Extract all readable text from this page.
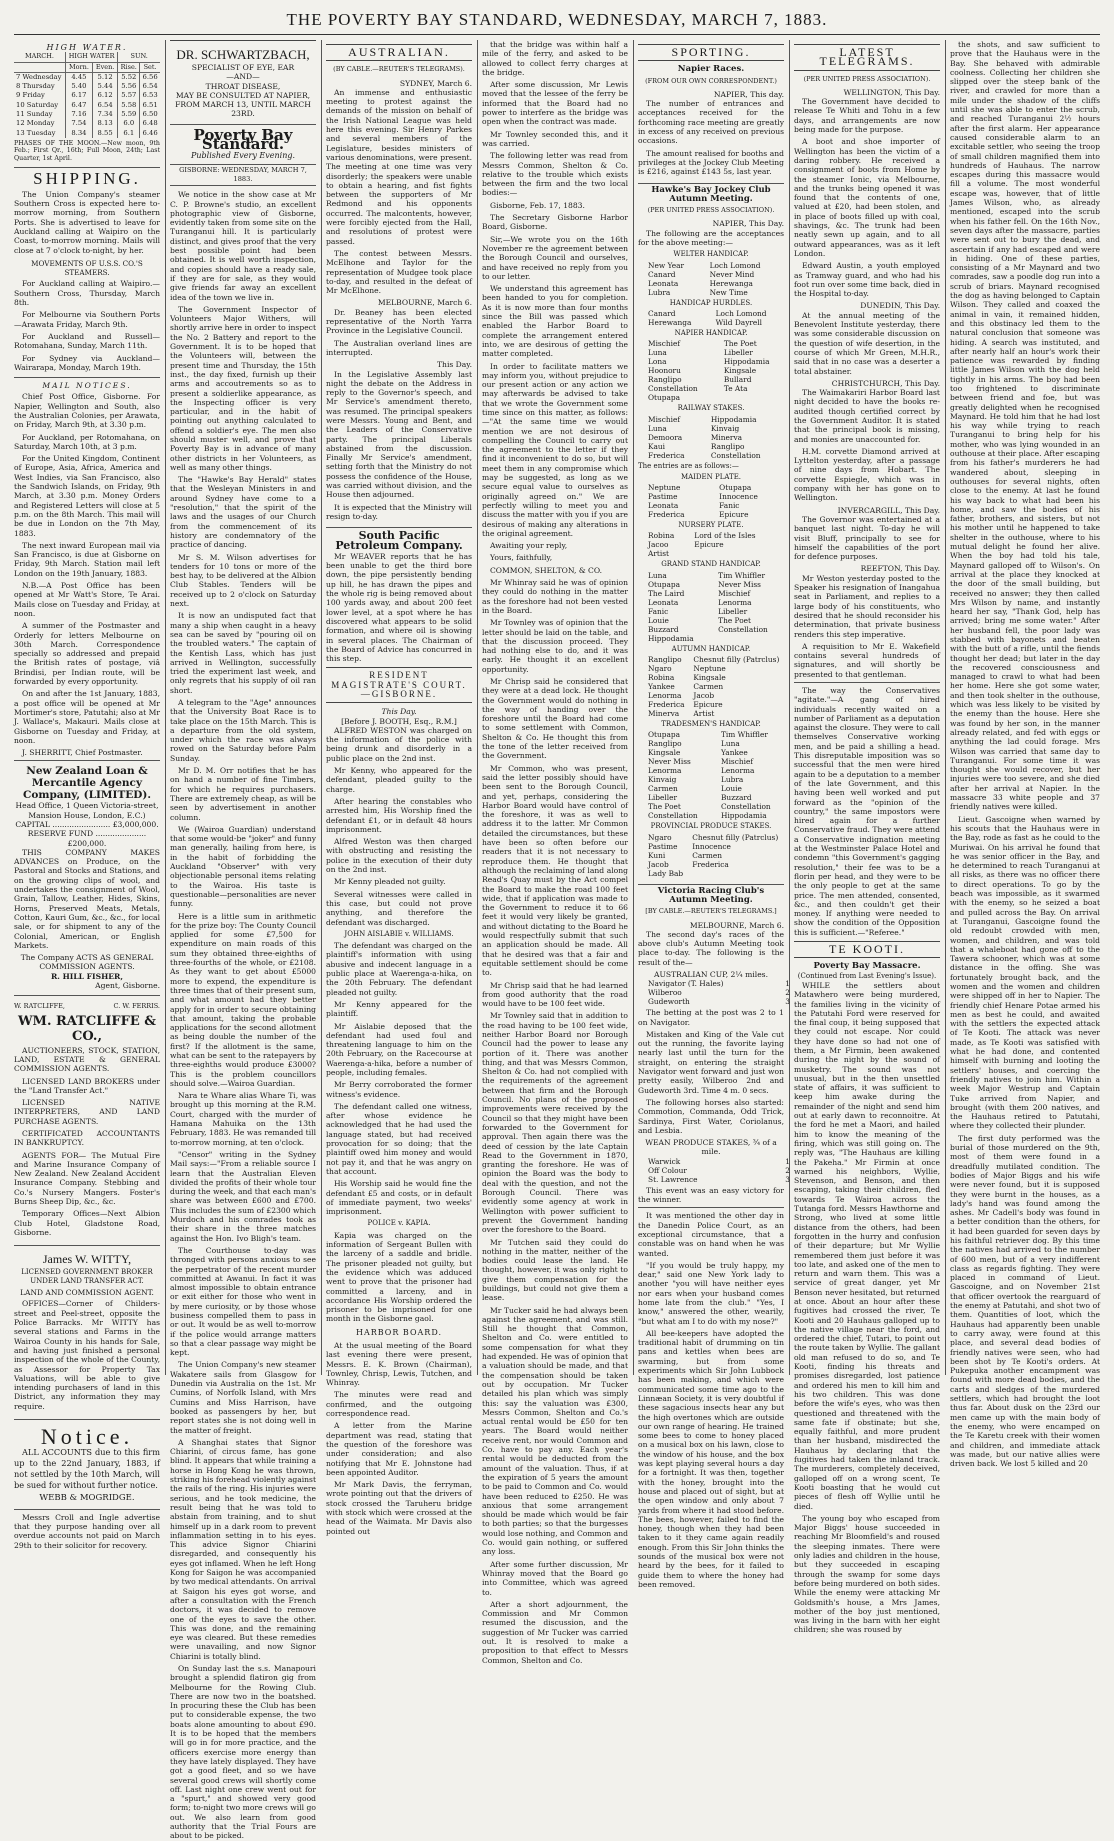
THE POVERTY BAY STANDARD, WEDNESDAY, MARCH 7, 1883.
HIGH WATER.
MARCH.	HIGH WATER		SUN.	
	Morn.	Even.	Rise.	Set.
7 Wednesday	4.45	5.12	5.52	6.56
8 Thursday	5.40	5.44	5.56	6.54
9 Friday	6.17	6.12	5.57	6.53
10 Saturday	6.47	6.54	5.58	6.51
11 Sunday	7.16	7.34	5.59	6.50
12 Monday	7.54	8.13	6.0	6.48
13 Tuesday	8.34	8.55	6.1	6.46
PHASES OF THE MOON.—New moon, 9th Feb.; First Qr., 16th; Full Moon, 24th; Last Quarter, 1st April.
SHIPPING.

The Union Company's steamer Southern Cross is expected here to-morrow morning, from Southern Ports. She is advertised to leave for Auckland calling at Waipiro on the Coast, to-morrow morning. Mails will close at 7 o'clock to-night, by her.

MOVEMENTS OF U.S.S. CO.'S STEAMERS.

For Auckland calling at Waipiro.—Southern Cross, Thursday, March 8th.

For Melbourne via Southern Ports—Arawata Friday, March 9th.

For Auckland and Russell—Rotomahana, Sunday, March 11th.

For Sydney via Auckland—Wairarapa, Monday, March 19th.

MAIL NOTICES.

Chief Post Office, Gisborne. For Napier, Wellington and South, also the Australian Colonies, per Arawata, on Friday, March 9th, at 3.30 p.m.

For Auckland, per Rotomahana, on Saturday, March 10th, at 3 p.m.

For the United Kingdom, Continent of Europe, Asia, Africa, America and West Indies, via San Francisco, also the Sandwich Islands, on Friday, 9th March, at 3.30 p.m. Money Orders and Registered Letters will close at 5 p.m. on the 8th March. This mail will be due in London on the 7th May, 1883.

The next inward European mail via San Francisco, is due at Gisborne on Friday, 9th March. Station mail left London on the 19th January, 1883.

N.B.—A Post Office has been opened at Mr Watt's Store, Te Arai. Mails close on Tuesday and Friday, at noon.

A summer of the Postmaster and Orderly for letters Melbourne on 30th March. Correspondence specially so addressed and prepaid the British rates of postage, viâ Brindisi, per Indian route, will be forwarded by every opportunity.

On and after the 1st January, 1883, a post office will be opened at Mr Mortimer's store, Patutahi; also at Mr J. Wallace's, Makauri. Mails close at Gisborne on Tuesday and Friday, at noon.

J. SHERRITT, Chief Postmaster.

New Zealand Loan & Mercantile Agency Company, (LIMITED).
Head Office, 1 Queen Victoria-street, Mansion House, London, E.C.)
CAPITAL ........................ £3,000,000.
RESERVE FUND ..................... £200,000.

THIS COMPANY MAKES ADVANCES on Produce, on the Pastoral and Stocks and Stations, and on the growing clips of wool, and undertakes the consignment of Wool, Grain, Tallow, Leather, Hides, Skins, Horns, Preserved Meats, Metals, Cotton, Kauri Gum, &c., &c., for local sale, or for shipment to any of the Colonial, American, or English Markets.

The Company ACTS AS GENERAL COMMISSION AGENTS.
R. HILL FISHER,
Agent, Gisborne.
W. RATCLIFFE,	C. W. FERRIS.
WM. RATCLIFFE & CO.,

AUCTIONEERS, STOCK, STATION, LAND, ESTATE & GENERAL COMMISSION AGENTS.

LICENSED LAND BROKERS under the "Land Transfer Act."

LICENSED NATIVE INTERPRETERS, AND LAND PURCHASE AGENTS.

CERTIFICATED ACCOUNTANTS IN BANKRUPTCY.

AGENTS FOR— The Mutual Fire and Marine Insurance Company of New Zealand. New Zealand Accident Insurance Company. Stebbing and Co.'s Nursery Mangers. Foster's Burns Sheep Dip, &c., &c.

Temporary Offices—Next Albion Club Hotel, Gladstone Road, Gisborne.

James W. WITTY,
LICENSED GOVERNMENT BROKER UNDER LAND TRANSFER ACT.
LAND AND COMMISSION AGENT.

OFFICES—Corner of Childers-street and Peel-street, opposite the Police Barracks. Mr WITTY has several stations and Farms in the Wairoa County in his hands for Sale, and having just finished a personal inspection of the whole of the County, as Assessor for Property Tax Valuations, will be able to give intending purchasers of land in this District, any information they may require.

Notice.

ALL ACCOUNTS due to this firm up to the 22nd January, 1883, if not settled by the 10th March, will be sued for without further notice.

WEBB & MOGRIDGE.

Messrs Croll and Ingle advertise that they purpose handing over all overdue accounts not paid on March 29th to their solicitor for recovery.

DR. SCHWARTZBACH,
SPECIALIST OF EYE, EAR
—AND—
THROAT DISEASE,
MAY BE CONSULTED AT NAPIER,
FROM MARCH 13, UNTIL MARCH 23RD.
Poverty Bay Standard.
Published Every Evening.
GISBORNE: WEDNESDAY, MARCH 7, 1883.

We notice in the show case at Mr C. P. Browne's studio, an excellent photographic view of Gisborne, evidently taken from some site on the Turanganui hill. It is particularly distinct, and gives proof that the very best possible point had been obtained. It is well worth inspection, and copies should have a ready sale, if they are for sale, as they would give friends far away an excellent idea of the town we live in.

The Government Inspector of Volunteers Major Withers, will shortly arrive here in order to inspect the No. 2 Battery and report to the Government. It is to be hoped that the Volunteers will, between the present time and Thursday, the 15th inst., the day fixed, furnish up their arms and accoutrements so as to present a soldierlike appearance, as the Inspecting officer is very particular, and in the habit of pointing out anything calculated to offend a soldier's eye. The men also should muster well, and prove that Poverty Bay is in advance of many other districts in her Volunteers, as well as many other things.

The "Hawke's Bay Herald" states that the Wesleyan Ministers in and around Sydney have come to a "resolution," that the spirit of the laws and the usages of our Church from the commencement of its history are condemnatory of the practice of dancing.

Mr S. M. Wilson advertises for tenders for 10 tons or more of the best hay, to be delivered at the Albion Club Stables. Tenders will be received up to 2 o'clock on Saturday next.

It is now an undisputed fact that many a ship when caught in a heavy sea can be saved by "pouring oil on the troubled waters." The captain of the Kentish Lass, which has just arrived in Wellington, successfully tried the experiment last week, and only regrets that his supply of oil ran short.

A telegram to the "Age" announces that the University Boat Race is to take place on the 15th March. This is a departure from the old system, under which the race was always rowed on the Saturday before Palm Sunday.

Mr D. M. Orr notifies that he has on hand a number of fine Timbers, for which he requires purchasers. There are extremely cheap, as will be seen by advertisement in another column.

We (Wairoa Guardian) understand that some would-be "joker" and funny man generally, hailing from here, is in the habit of forbidding the Auckland "Observer" with very objectionable personal items relating to the Wairoa. His taste is questionable—personalities are never funny.

Here is a little sum in arithmetic for the prize boy: The County Council applied for some £7,500 for expenditure on main roads of this sum they obtained three-eighths of three-fourths of the whole, or £2108. As they want to get about £5000 more to expend, the expenditure is three times that of their present sum, and what amount had they better apply for in order to secure obtaining that amount, taking the probable applications for the second allotment as being double the number of the first? If the allotment is the same, what can be sent to the ratepayers by three-eighths would produce £3000? This is the problem councillors should solve.—Wairoa Guardian.

Nara te Whare alias Whare Ti, was brought up this morning at the R.M. Court, charged with the murder of Hamana Mahuika on the 13th February, 1883. He was remanded till to-morrow morning, at ten o'clock.

"Censor" writing in the Sydney Mail says:—"From a reliable source I learn that the Australian Eleven divided the profits of their whole tour during the week, and that each man's share was between £600 and £700. This includes the sum of £2300 which Murdoch and his comrades took as their share in the three matches against the Hon. Ivo Bligh's team.

The Courthouse to-day was thronged with persons anxious to see the perpetrator of the recent murder committed at Awanui. In fact it was almost impossible to obtain entrance or exit either for those who went in by mere curiosity, or by those whose business compelled them to pass in or out. It would be as well to-morrow if the police would arrange matters so that a clear passage way might be kept.

The Union Company's new steamer Wakatere sails from Glasgow for Dunedin via Australia on the 1st. Mr Cumins, of Norfolk Island, with Mrs Cumins and Miss Harrison, have booked as passengers by her, but report states she is not doing well in the matter of freight.

A Shanghai states that Signor Chiarini, of circus fame, has gone blind. It appears that while training a horse in Hong Kong he was thrown, striking his forehead violently against the rails of the ring. His injuries were serious, and he took medicine, the result being that he was told to abstain from training, and to shut himself up in a dark room to prevent inflammation setting in to his eyes. This advice Signor Chiarini disregarded, and consequently his eyes got inflamed. When he left Hong Kong for Saigon he was accompanied by two medical attendants. On arrival at Saigon his eyes got worse, and after a consultation with the French doctors, it was decided to remove one of the eyes to save the other. This was done, and the remaining eye was cleared. But these remedies were unavailing, and now Signor Chiarini is totally blind.

On Sunday last the s.s. Manapouri brought a splendid flatiron gig from Melbourne for the Rowing Club. There are now two in the boatshed. In procuring these the Club has been put to considerable expense, the two boats alone amounting to about £90. It is to be hoped that the members will go in for more practice, and the officers exercise more energy than they have lately displayed. They have got a good fleet, and so we have several good crews will shortly come off. Last night one crew went out for a "spurt," and showed very good form; to-night two more crews will go out. We also learn from good authority that the Trial Fours are about to be picked.

AUSTRALIAN.
(BY CABLE.—REUTER'S TELEGRAMS).
SYDNEY, March 6.

An immense and enthusiastic meeting to protest against the demands of the mission on behalf of the Irish National League was held here this evening. Sir Henry Parkes and several members of the Legislature, besides ministers of various denominations, were present. The meeting at one time was very disorderly; the speakers were unable to obtain a hearing, and fist fights between the supporters of Mr Redmond and his opponents occurred. The malcontents, however, were forcibly ejected from the Hall, and resolutions of protest were passed.

The contest between Messrs. McElhone and Taylor for the representation of Mudgee took place to-day, and resulted in the defeat of Mr McElhone.

MELBOURNE, March 6.

Dr. Beaney has been elected representative of the North Yarra Province in the Legislative Council.

The Australian overland lines are interrupted.

This Day.

In the Legislative Assembly last night the debate on the Address in reply to the Governor's speech, and Mr Service's amendment thereto, was resumed. The principal speakers were Messrs. Young and Bent, and the Leaders of the Conservative party. The principal Liberals abstained from the discussion. Finally Mr Service's amendment, setting forth that the Ministry do not possess the confidence of the House, was carried without division, and the House then adjourned.

It is expected that the Ministry will resign to-day.

South Pacific Petroleum Company.

Mr WEAVER reports that he has been unable to get the third bore down, the pipe persistently bending up hill, he has drawn the pipes and the whole rig is being removed about 100 yards away, and about 200 feet lower level, at a spot where he has discovered what appears to be solid formation, and where oil is showing in several places. The Chairman of the Board of Advice has concurred in this step.

RESIDENT MAGISTRATE'S COURT.—GISBORNE.
This Day.
[Before J. BOOTH, Esq., R.M.]

ALFRED WESTON was charged on the information of the police with being drunk and disorderly in a public place on the 2nd inst.

Mr Kenny, who appeared for the defendant, pleaded guilty to the charge.

After hearing the constables who arrested him, His Worship fined the defendant £1, or in default 48 hours imprisonment.

Alfred Weston was then charged with obstructing and resisting the police in the execution of their duty on the 2nd inst.

Mr Kenny pleaded not guilty.

Several witnesses were called in this case, but could not prove anything, and therefore the defendant was discharged.

JOHN AISLABIE v. WILLIAMS.

The defendant was charged on the plaintiff's information with using abusive and indecent language in a public place at Waerenga-a-hika, on the 20th February. The defendant pleaded not guilty.

Mr Kenny appeared for the plaintiff.

Mr Aislabie deposed that the defendant had used foul and threatening language to him on the 20th February, on the Racecourse at Waerenga-a-hika, before a number of people, including females.

Mr Berry corroborated the former witness's evidence.

The defendant called one witness, after whose evidence he acknowledged that he had used the language stated, but had received provocation for so doing; that the plaintiff owed him money and would not pay it, and that he was angry on that account.

His Worship said he would fine the defendant £5 and costs, or in default of immediate payment, two weeks' imprisonment.

POLICE v. KAPIA.

Kapia was charged on the information of Sergeant Bullen with the larceny of a saddle and bridle. The prisoner pleaded not guilty, but the evidence which was adduced went to prove that the prisoner had committed a larceny, and in accordance His Worship ordered the prisoner to be imprisoned for one month in the Gisborne gaol.

HARBOR BOARD.

At the usual meeting of the Board last evening there were present, Messrs. E. K. Brown (Chairman), Townley, Chrisp, Lewis, Tutchen, and Whinray.

The minutes were read and confirmed, and the outgoing correspondence read.

A letter from the Marine department was read, stating that the question of the foreshore was under consideration; and also notifying that Mr E. Johnstone had been appointed Auditor.

Mr Mark Davis, the ferryman, wrote pointing out that the drivers of stock crossed the Taruheru bridge with stock which were crossed at the head of the Waimata. Mr Davis also pointed out

that the bridge was within half a mile of the ferry, and asked to be allowed to collect ferry charges at the bridge.

After some discussion, Mr Lewis moved that the lessee of the ferry be informed that the Board had no power to interfere as the bridge was open when the contract was made.

Mr Townley seconded this, and it was carried.

The following letter was read from Messrs Common, Shelton & Co. relative to the trouble which exists between the firm and the two local bodies:—

Gisborne, Feb. 17, 1883.

The Secretary Gisborne Harbor Board, Gisborne.

Sir,—We wrote you on the 16th November re the agreement between the Borough Council and ourselves, and have received no reply from you to our letter.

We understand this agreement has been handed to you for completion. As it is now more than four months since the Bill was passed which enabled the Harbor Board to complete the arrangement entered into, we are desirous of getting the matter completed.

In order to facilitate matters we may inform you, without prejudice to our present action or any action we may afterwards be advised to take that we wrote the Government some time since on this matter, as follows:—"At the same time we would mention we are not desirous of compelling the Council to carry out the agreement to the letter if they find it inconvenient to do so, but will meet them in any compromise which may be suggested, as long as we secure equal value to ourselves as originally agreed on." We are perfectly willing to meet you and discuss the matter with you if you are desirous of making any alterations in the original agreement.

Awaiting your reply,

Yours, faithfully,

COMMON, SHELTON, & CO.

Mr Whinray said he was of opinion they could do nothing in the matter as the foreshore had not been vested in the Board.

Mr Townley was of opinion that the letter should be laid on the table, and that the discussion proceed. They had nothing else to do, and it was early. He thought it an excellent opportunity.

Mr Chrisp said he considered that they were at a dead lock. He thought the Government would do nothing in the way of handing over the foreshore until the Board had come to some settlement with Common, Shelton & Co. He thought this from the tone of the letter received from the Government.

Mr Common, who was present, said the letter possibly should have been sent to the Borough Council, and yet, perhaps, considering the Harbor Board would have control of the foreshore, it was as well to address it to the latter. Mr Common detailed the circumstances, but these have been so often before our readers that it is not necessary to reproduce them. He thought that although the reclaiming of land along Read's Quay must by the Act compel the Board to make the road 100 feet wide, that if application was made to the Government to reduce it to 66 feet it would very likely be granted, and without dictating to the Board he would respectfully submit that such an application should be made. All that he desired was that a fair and equitable settlement should be come to.

Mr Chrisp said that he had learned from good authority that the road would have to be 100 feet wide.

Mr Townley said that in addition to the road having to be 100 feet wide, neither Harbor Board nor Borough Council had the power to lease any portion of it. There was another thing, and that was Messrs Common, Shelton & Co. had not complied with the requirements of the agreement between that firm and the Borough Council. No plans of the proposed improvements were received by the Council so that they might have been forwarded to the Government for approval. Then again there was the deed of cession by the late Captain Read to the Government in 1870, granting the foreshore. He was of opinion the Board was the body to deal with the question, and not the Borough Council. There was evidently some agency at work in Wellington with power sufficient to prevent the Government handing over the foreshore to the Board.

Mr Tutchen said they could do nothing in the matter, neither of the bodies could lease the land. He thought, however, it was only right to give them compensation for the buildings, but could not give them a lease.

Mr Tucker said he had always been against the agreement, and was still. Still he thought that Common, Shelton and Co. were entitled to some compensation for what they had expended. He was of opinion that a valuation should be made, and that the compensation should be taken out by occupation. Mr Tucker detailed his plan which was simply this: say the valuation was £300, Messrs Common, Shelton and Co.'s actual rental would be £50 for ten years. The Board would neither receive rent, nor would Common and Co. have to pay any. Each year's rental would be deducted from the amount of the valuation. Thus, if at the expiration of 5 years the amount to be paid to Common and Co. would have been reduced to £250. He was anxious that some arrangement should be made which would be fair to both parties; so that the burgesses would lose nothing, and Common and Co. would gain nothing, or suffered any loss.

After some further discussion, Mr Whinray moved that the Board go into Committee, which was agreed to.

After a short adjournment, the Commission and Mr Common resumed the discussion, and the suggestion of Mr Tucker was carried out. It is resolved to make a proposition to that effect to Messrs Common, Shelton and Co.

SPORTING.
Napier Races.
(FROM OUR OWN CORRESPONDENT.)
NAPIER, This day.

The number of entrances and acceptances received for the forthcoming race meeting are greatly in excess of any received on previous occasions.

The amount realised for booths and privileges at the Jockey Club Meeting is £216, against £143 5s, last year.

Hawke's Bay Jockey Club Autumn Meeting.
(PER UNITED PRESS ASSOCIATION).
NAPIER, This Day.

The following are the acceptances for the above meeting:—

WELTER HANDICAP.
New Year	Loch Lomond
Canard	Never Mind
Leonata	Herewanga
Lubra	New Time
HANDICAP HURDLES.
Canard	Loch Lomond
Herewanga	Wild Dayrell
NAPIER HANDICAP.
Mischief	The Poet
Luna	Libeller
Lona	Hippodamia
Hoonoru	Kingsale
Ranglipo	Bullard
Constellation	Te Ata
Otupapa	
RAILWAY STAKES.
Mischief	Hippodamia
Luna	Kinvaig
Demoora	Minerva
Kaui	Ranglipo
Frederica	Constellation
The entries are as follows:—
MAIDEN PLATE.
Neptune	Otupapa
Pastime	Innocence
Leonata	Fanic
Frederica	Epicure
NURSERY PLATE.
Robina	Lord of the Isles
Jacoo	Epicure
Artist	
GRAND STAND HANDICAP.
Luna	Tim Whiffler
Otupapa	Never Miss
The Laird	Mischief
Leonata	Lenorma
Fanic	Libeller
Louie	The Poet
Buzzard	Constellation
Hippodamia	
AUTUMN HANDICAP.
Ranglipo	Chesnut filly (Patrclus)
Ngaro	Neptune
Robina	Kingsale
Yankee	Carmen
Lenorma	Jacob
Frederica	Epicure
Minerva	Artist
TRADESMEN'S HANDICAP.
Otupapa	Tim Whiffler
Ranglipo	Luna
Kingsale	Yankee
Never Miss	Mischief
Lenorma	Lenorma
Kinvaig	Lubra
Carmen	Louie
Libeller	Buzzard
The Poet	Constellation
Constellation	Hippodamia
PROVINCIAL PRODUCE STAKES.
Ngaro	Chesnut filly (Patrclus)
Pastime	Innocence
Kuni	Carmen
Jacob	Frederica
Lady Bab	
Victoria Racing Club's Autumn Meeting.
[BY CABLE.—REUTER'S TELEGRAMS.]
MELBOURNE, March 6.

The second day's races of the above club's Autumn Meeting took place to-day. The following is the result of the—

AUSTRALIAN CUP, 2¼ miles.
Navigator (T. Hales)	1
Wilberoo	2
Gudeworth	3

The betting at the post was 2 to 1 on Navigator.

Mistaken and King of the Vale cut out the running, the favorite laying nearly last until the turn for the straight, on entering the straight Navigator went forward and just won pretty easily, Wilberoo 2nd and Gudeworth 3rd. Time 4 m. 0 secs.

The following horses also started: Commotion, Commanda, Odd Trick, Sardinya, First Water, Coriolanus, and Lesbia.

WEAN PRODUCE STAKES, ¾ of a mile.
Warwick	1
Off Colour	2
St. Lawrence	3

This event was an easy victory for the winner.

It was mentioned the other day in the Danedin Police Court, as an exceptional circumstance, that a constable was on hand when he was wanted.

"If you would be truly happy, my dear," said one New York lady to another "you will have neither eyes nor ears when your husband comes home late from the club." "Yes, I know," answered the other, wearily, "but what am I to do with my nose?"

All bee-keepers have adopted the traditional habit of drumming on tin pans and kettles when bees are swarming, but from some experiments which Sir John Lubbock has been making, and which were communicated some time ago to the Linnæan Society, it is very doubtful if these sagacious insects hear any but the high overtones which are outside our own range of hearing. He trained some bees to come to honey placed on a musical box on his lawn, close to the window of his house, and the box was kept playing several hours a day for a fortnight. It was then, together with the honey, brought into the house and placed out of sight, but at the open window and only about 7 yards from where it had stood before. The bees, however, failed to find the honey, though when they had been taken to it they came again readily enough. From this Sir John thinks the sounds of the musical box were not heard by the bees, for it failed to guide them to where the honey had been removed.

LATEST TELEGRAMS.
(PER UNITED PRESS ASSOCIATION).
WELLINGTON, This Day.

The Government have decided to release Te Whiti and Tohu in a few days, and arrangements are now being made for the purpose.

A boot and shoe importer of Wellington has been the victim of a daring robbery. He received a consignment of boots from Home by the steamer Ionic, via Melbourne, and the trunks being opened it was found that the contents of one, valued at £20, had been stolen, and in place of boots filled up with coal, shavings, &c. The trunk had been neatly sewn up again, and to all outward appearances, was as it left London.

Edward Austin, a youth employed as Tramway guard, and who had his foot run over some time back, died in the Hospital to-day.

DUNEDIN, This Day.

At the annual meeting of the Benevolent Institute yesterday, there was some considerable discussion on the question of wife desertion, in the course of which Mr Green, M.H.R., said that in no case was a deserter a total abstainer.

CHRISTCHURCH, This Day.

The Waimakariri Harbor Board last night decided to have the books re-audited though certified correct by the Government Auditor. It is stated that the principal book is missing, and monies are unaccounted for.

H.M. corvette Diamond arrived at Lyttelton yesterday, after a passage of nine days from Hobart. The corvette Espiegle, which was in company with her has gone on to Wellington.

INVERCARGILL, This Day.

The Governor was entertained at a banquet last night. To-day he will visit Bluff, principally to see for himself the capabilities of the port for defence purposes.

REEFTON, This Day.

Mr Weston yesterday posted to the Speaker his resignation of Inangahua seat in Parliament, and replies to a large body of his constituents, who desired that he should reconsider his determination, that private business renders this step imperative.

A requisition to Mr E. Wakefield contains several hundreds of signatures, and will shortly be presented to that gentleman.

The way the Conservatives "agitate."—A gang of hired individuals recently waited on a number of Parliament as a deputation against the closure. They were to call themselves Conservative working men, and be paid a shilling a head. This disreputable imposition was so successful that the men were hired again to be a deputation to a member of the late Government, and this having been well worked and put forward as the "opinion of the country," the same impostors were hired again for a further Conservative fraud. They were attend a Conservative indignation meeting at the Westminster Palace Hotel and condemn "this Government's gagging resolution," their fee was to be a florin per head, and they were to be the only people to get at the same price. The men attended, consented, &c., and then couldn't get their money. If anything were needed to show the condition of the Opposition this is sufficient.—"Referee."

TE KOOTI.
Poverty Bay Massacre.
(Continued from Last Evening's Issue).

WHILE the settlers about Matawhero were being murdered, the families living in the vicinity of the Patutahi Ford were reserved for the final coup, it being supposed that they could not escape. Nor could they have done so had not one of them, a Mr Firmin, been awakened during the night by the sound of musketry. The sound was not unusual, but in the then unsettled state of affairs, it was sufficient to keep him awake during the remainder of the night and send him out at early dawn to reconnoitre. At the ford he met a Maori, and hailed him to know the meaning of the firing, which was still going on. The reply was, "The Hauhaus are killing the Pakeha." Mr Firmin at once warned his neighbors, Wyllie, Stevenson, and Benson, and then escaping, taking their children, fled towards Te Wairoa across the Tutanga ford. Messrs Hawthorne and Strong, who lived at some little distance from the others, had been forgotten in the hurry and confusion of their departure; but Mr Wyllie remembered them just before it was too late, and asked one of the men to return and warn them. This was a service of great danger, yet Mr Benson never hesitated, but returned at once. About an hour after these fugitives had crossed the river, Te Kooti and 20 Hauhaus galloped up to the native village near the ford, and ordered the chief, Tutari, to point out the route taken by Wyllie. The gallant old man refused to do so, and Te Kooti, finding his threats and promises disregarded, lost patience and ordered his men to kill him and his two children. This was done before the wife's eyes, who was then questioned and threatened with the same fate if obstinate; but she, equally faithful, and more prudent than her husband, misdirected the Hauhaus by declaring that the fugitives had taken the inland track. The murderers, completely deceived, galloped off on a wrong scent, Te Kooti boasting that he would cut pieces of flesh off Wyllie until he died.

The young boy who escaped from Major Biggs' house succeeded in reaching Mr Bloomfield's and roused the sleeping inmates. There were only ladies and children in the house, but they succeeded in escaping through the swamp for some days before being murdered on both sides. While the enemy were attacking Mr Goldsmith's house, a Mrs James, mother of the boy just mentioned, was living in the barn with her eight children; she was roused by

the shots, and saw sufficient to prove that the Hauhaus were in the Bay. She behaved with admirable coolness. Collecting her children she slipped over the steep bank of the river, and crawled for more than a mile under the shadow of the cliffs until she was able to enter the scrub, and reached Turanganui 2½ hours after the first alarm. Her appearance caused considerable alarm to an excitable settler, who seeing the troop of small children magnified them into hundreds of Hauhaus. The narrow escapes during this massacre would fill a volume. The most wonderful escape was, however, that of little James Wilson, who, as already mentioned, escaped into the scrub when his father fell. On the 16th Nov., seven days after the massacre, parties were sent out to bury the dead, and ascertain if any had escaped and were in hiding. One of these parties, consisting of a Mr Maynard and two comrades, saw a poodle dog run into a scrub of briars. Maynard recognised the dog as having belonged to Captain Wilson. They called and coaxed the animal in vain, it remained hidden, and this obstinacy led them to the natural conclusion that someone was hiding. A search was instituted, and after nearly half an hour's work their patience was rewarded by finding little James Wilson with the dog held tightly in his arms. The boy had been too frightened to discriminate between friend and foe, but was greatly delighted when he recognised Maynard. He told him that he had lost his way while trying to reach Turanganui to bring help for his mother, who was lying wounded in an outhouse at their place. After escaping from his father's murderers he had wandered about, sleeping in outhouses for several nights, often close to the enemy. At last he found his way back to what had been his home, and saw the bodies of his father, brothers, and sisters, but not his mother until he happened to take shelter in the outhouse, where to his mutual delight he found her alive. When the boy had told his tale, Maynard galloped off to Wilson's. On arrival at the place they knocked at the door of the small building, but received no answer; they then called Mrs Wilson by name, and instantly heard her say, "Thank God, help has arrived; bring me some water." After her husband fell, the poor lady was stabbed with bayonets and beaten with the butt of a rifle, until the fiends thought her dead; but later in the day the recovered consciousness and managed to crawl to what had been her home. Here she got some water, and then took shelter in the outhouse, which was less likely to be visited by the enemy than the house. Here she was found by her son, in the manner already related, and fed with eggs or anything the lad could forage. Mrs Wilson was carried that same day to Turanganui. For some time it was thought she would recover, but her injuries were too severe, and she died after her arrival at Napier. In the massacre 33 white people and 37 friendly natives were killed.

Lieut. Gascoigne when warned by his scouts that the Hauhaus were in the Bay, rode as fast as he could to the Muriwai. On his arrival he found that he was senior officer in the Bay, and he determined to reach Turanganui at all risks, as there was no officer there to direct operations. To go by the beach was impossible, as it swarmed with the enemy, so he seized a boat and pulled across the Bay. On arrival at Turanganui, Gascoigne found the old redoubt crowded with men, women, and children, and was told that a whaleboat had gone off to the Tawera schooner, which was at some distance in the offing. She was fortunately brought back, and the women and the women and children were shipped off in her to Napier. The friendly chief Henare Potae armed his men as best he could, and awaited with the settlers the expected attack of Te Kooti. The attack was never made, as Te Kooti was satisfied with what he had done, and contented himself with burning and looting the settlers' houses, and coercing the friendly natives to join him. Within a week Major Westrup and Captain Tuke arrived from Napier, and brought (with them 200 natives, and the Hauhaus retired to Patutahi, where they collected their plunder.

The first duty performed was the burial of those murdered on the 9th, most of them were found in a dreadfully mutilated condition. The bodies of Major Biggs and his wife were never found, but it is supposed they were burnt in the houses, as a lady's hand was found among the ashes. Mr Cadell's body was found in a better condition than the others, for it had been guarded for seven days by his faithful retriever dog. By this time the natives had arrived to the number of 600 men, but of a very indifferent class as regards fighting. They were placed in command of Lieut. Gascoigne, and on November 21st that officer overtook the rearguard of the enemy at Patutahi, and shot two of them. Quantities of loot, which the Hauhaus had apparently been unable to carry away, were found at this place, and several dead bodies of friendly natives were seen, who had been shot by Te Kooti's orders. At Pukepuka another encampment was found with more dead bodies, and the carts and sledges of the murdered settlers, which had brought the loot thus far. About dusk on the 23rd our men came up with the main body of the enemy, who were encamped on the Te Karetu creek with their women and children, and immediate attack was made, but our native allies were driven back. We lost 5 killed and 20
